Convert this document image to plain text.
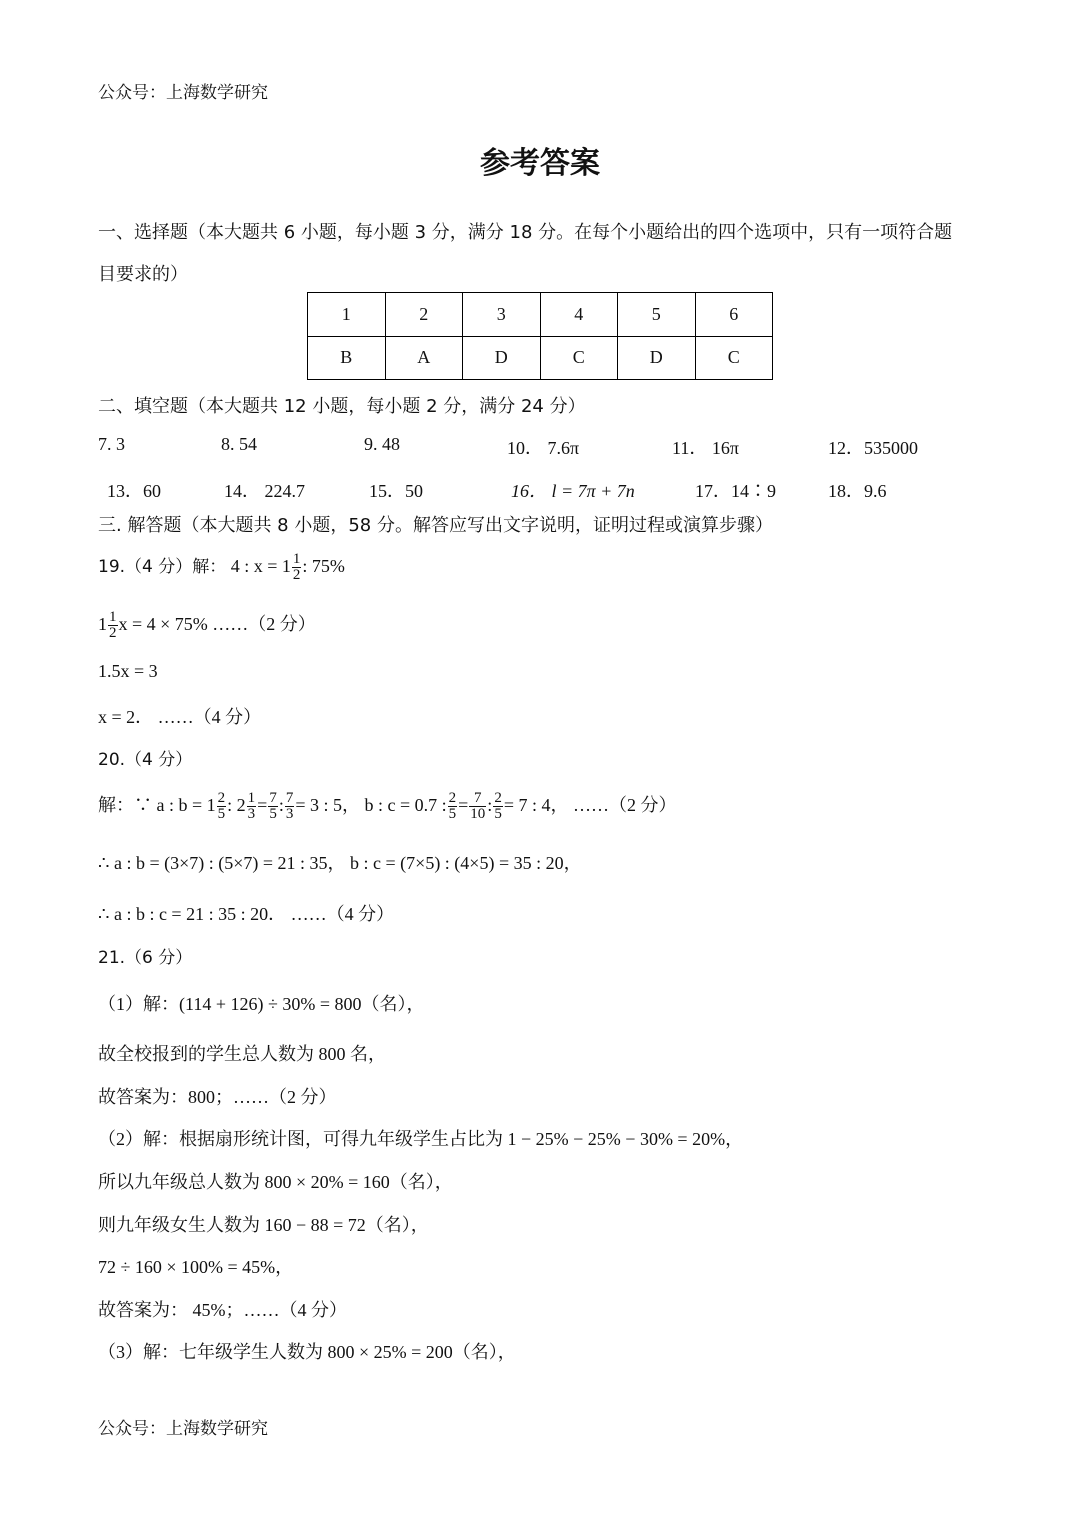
公众号：上海数学研究
参考答案
一、选择题（本大题共 6 小题，每小题 3 分，满分 18 分。在每个小题给出的四个选项中，只有一项符合题
目要求的）
1	2	3	4	5	6
B	A	D	C	D	C
二、填空题（本大题共 12 小题，每小题 2 分，满分 24 分）
7. 3	8. 54	9. 48	10． 7.6π	11． 16π	12．535000
13．60	14． 224.7	15．50	16． l = 7π + 7n	17．14∶9	18．9.6
三. 解答题（本大题共 8 小题，58 分。解答应写出文字说明，证明过程或演算步骤）
19.（4 分）解： 4 : $x = 1 \frac{1}{2}$ : 75%
$1 \frac{1}{2}$ x = 4 × 75% ……（2 分）
1.5x = 3
x = 2． ……（4 分）
20.（4 分）
解：∵ a : $b = 1 \frac{2}{5}$ : $2 \frac{1}{3} = \frac{7}{5}$ : $\frac{7}{3} = 3$ : 5， b : c = 0.7 : $\frac{2}{5} = \frac{7}{10}$ : $\frac{2}{5} = 7$ : 4， ……（2 分）
∴ a : b = (3×7) : (5×7) = 21 : 35， b : c = (7×5) : (4×5) = 35 : 20，
∴ a : b : c = 21 : 35 : 20． ……（4 分）
21.（6 分）
（1）解：(114 + 126) ÷ 30% = 800（名），
故全校报到的学生总人数为 800 名，
故答案为：800；……（2 分）
（2）解：根据扇形统计图，可得九年级学生占比为 1 − 25% − 25% − 30% = 20%，
所以九年级总人数为 800 × 20% = 160（名），
则九年级女生人数为 160 − 88 = 72（名），
72 ÷ 160 × 100% = 45%，
故答案为： 45%；……（4 分）
（3）解：七年级学生人数为 800 × 25% = 200（名），
公众号：上海数学研究
